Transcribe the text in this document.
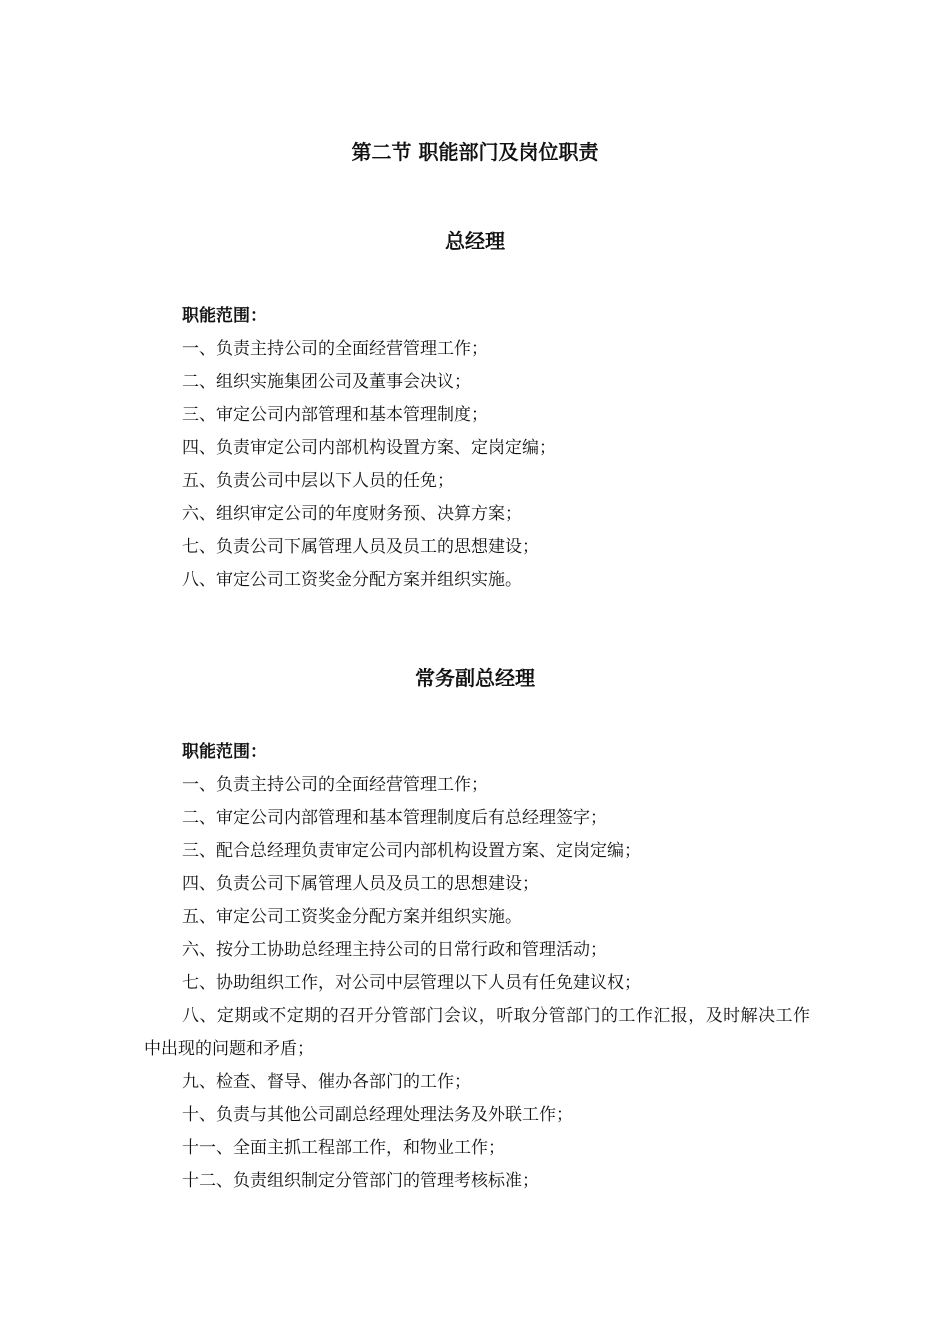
第二节 职能部门及岗位职责
总经理

职能范围：

一、负责主持公司的全面经营管理工作；

二、组织实施集团公司及董事会决议；

三、审定公司内部管理和基本管理制度；

四、负责审定公司内部机构设置方案、定岗定编；

五、负责公司中层以下人员的任免；

六、组织审定公司的年度财务预、决算方案；

七、负责公司下属管理人员及员工的思想建设；

八、审定公司工资奖金分配方案并组织实施。

常务副总经理

职能范围：

一、负责主持公司的全面经营管理工作；

二、审定公司内部管理和基本管理制度后有总经理签字；

三、配合总经理负责审定公司内部机构设置方案、定岗定编；

四、负责公司下属管理人员及员工的思想建设；

五、审定公司工资奖金分配方案并组织实施。

六、按分工协助总经理主持公司的日常行政和管理活动；

七、协助组织工作，对公司中层管理以下人员有任免建议权；

八、定期或不定期的召开分管部门会议，听取分管部门的工作汇报，及时解决工作中出现的问题和矛盾；

九、检查、督导、催办各部门的工作；

十、负责与其他公司副总经理处理法务及外联工作；

十一、全面主抓工程部工作，和物业工作；

十二、负责组织制定分管部门的管理考核标准；
